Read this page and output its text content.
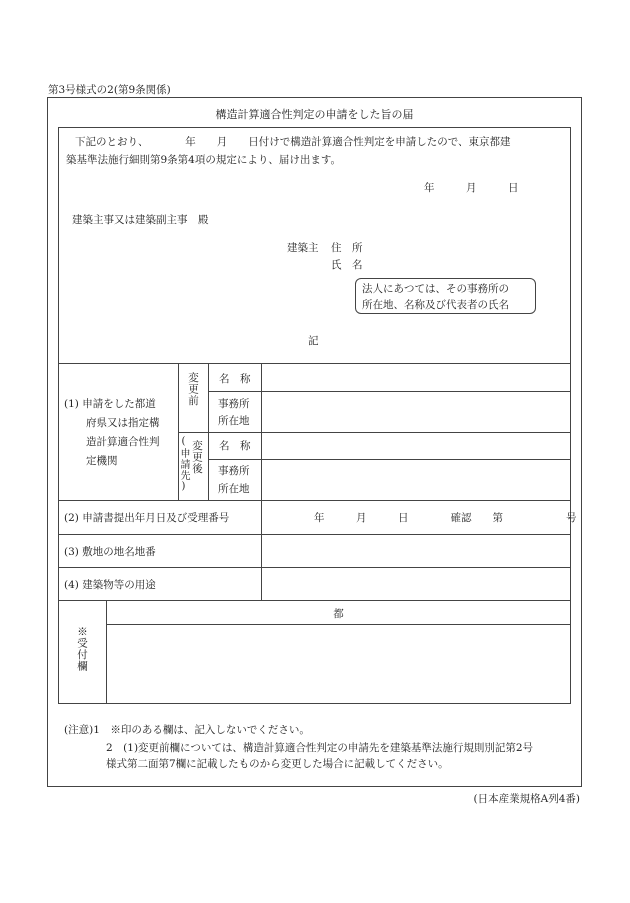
第3号様式の2(第9条関係)
構造計算適合性判定の申請をした旨の届
下記のとおり、　　　　年　　月　　日付けで構造計算適合性判定を申請したので、東京都建
築基準法施行細則第9条第4項の規定により、届け出ます。
年　　　月　　　日
建築主事又は建築副主事　殿
建築主 住　所
氏　名
法人にあつては、その事務所の
所在地、名称及び代表者の氏名
記
(1) 申請をした都道
府県又は指定構
造計算適合性判
定機関
変更前
変更後
(申請先)
名　称
事務所
所在地
名　称
事務所
所在地
(2) 申請書提出年月日及び受理番号	年　　　月　　　日　　　　確認　　第　　　　　　号
(3) 敷地の地名地番
(4) 建築物等の用途
※受付欄
都
(注意)1　※印のある欄は、記入しないでください。
2　(1)変更前欄については、構造計算適合性判定の申請先を建築基準法施行規則別記第2号
様式第二面第7欄に記載したものから変更した場合に記載してください。
(日本産業規格A列4番)
